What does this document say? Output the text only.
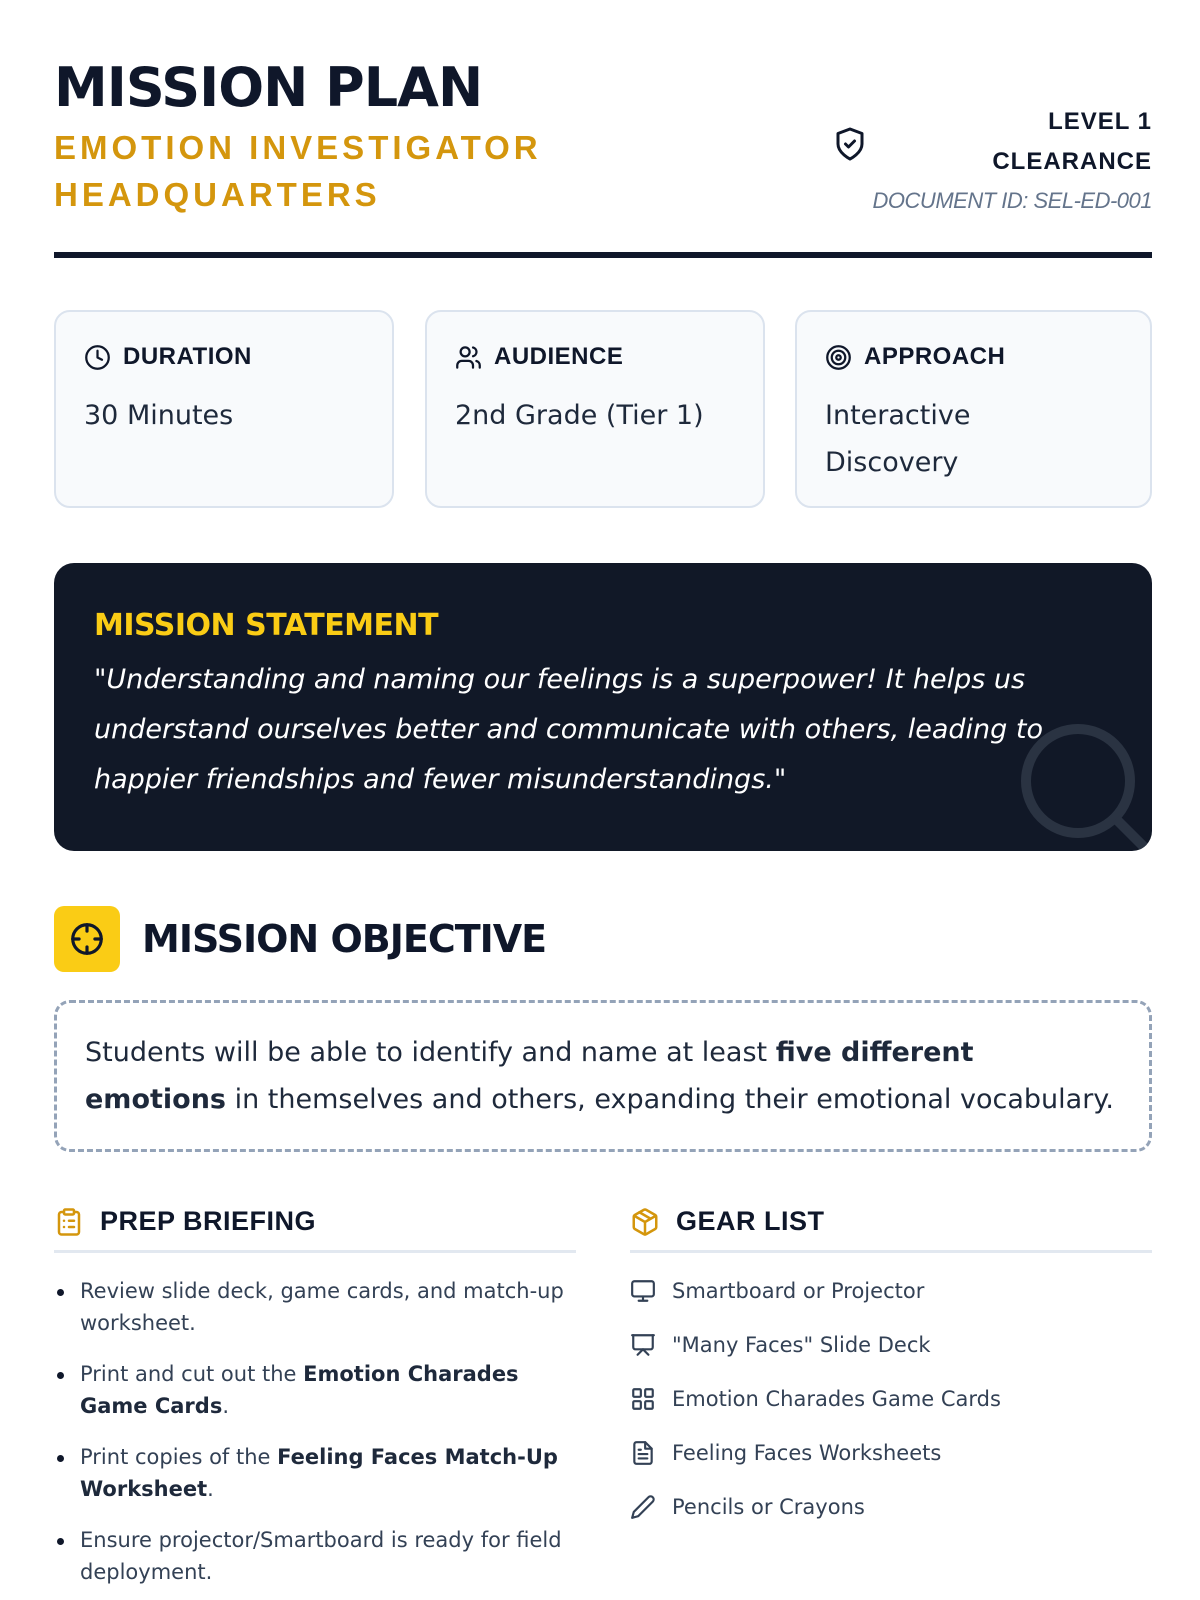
MISSION PLAN
EMOTION INVESTIGATOR HEADQUARTERS
LEVEL 1 CLEARANCE
DOCUMENT ID: SEL-ED-001
DURATION
30 Minutes
AUDIENCE
2nd Grade (Tier 1)
APPROACH
Interactive Discovery
MISSION STATEMENT
"Understanding and naming our feelings is a superpower! It helps us understand ourselves better and communicate with others, leading to happier friendships and fewer misunderstandings."
MISSION OBJECTIVE
Students will be able to identify and name at least five different emotions in themselves and others, expanding their emotional vocabulary.
PREP BRIEFING
Review slide deck, game cards, and match-up worksheet.
Print and cut out the Emotion Charades Game Cards.
Print copies of the Feeling Faces Match-Up Worksheet.
Ensure projector/Smartboard is ready for field deployment.
GEAR LIST
Smartboard or Projector
"Many Faces" Slide Deck
Emotion Charades Game Cards
Feeling Faces Worksheets
Pencils or Crayons
